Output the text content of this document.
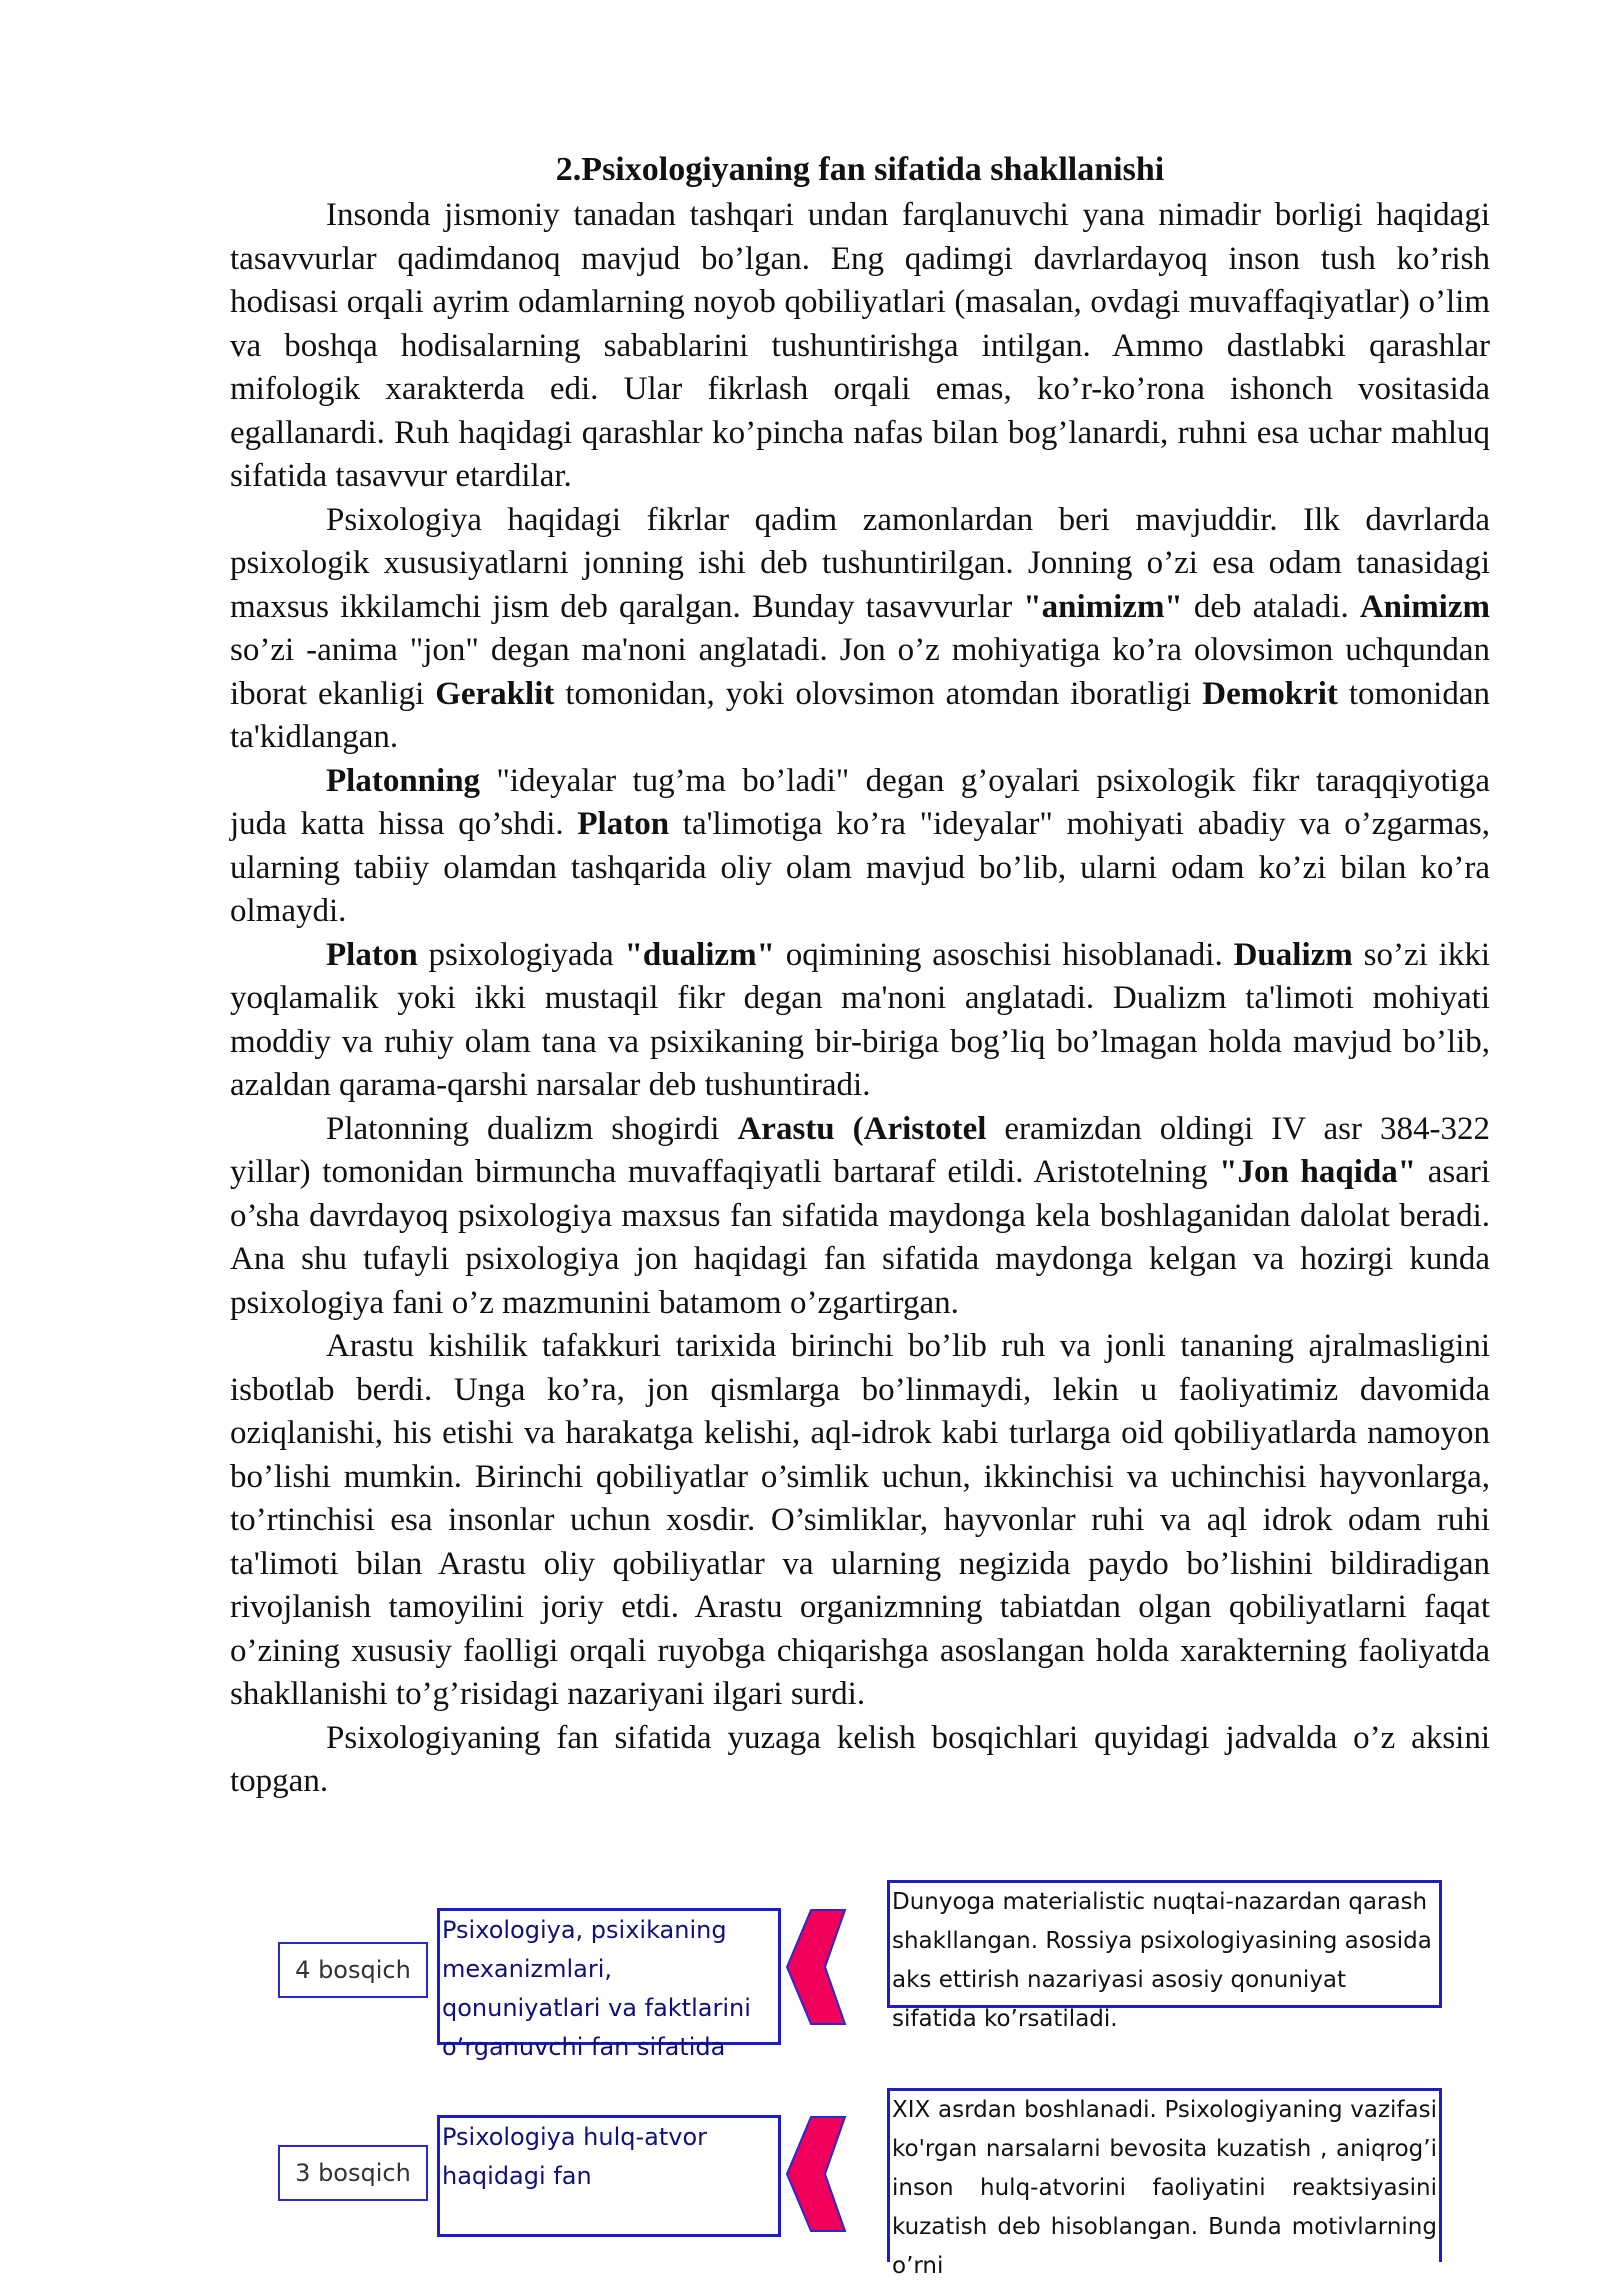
2.Psixologiyaning fan sifatida shakllanishi

Insonda jismoniy tanadan tashqari undan farqlanuvchi yana nimadir borligi haqidagi tasavvurlar qadimdanoq mavjud bo’lgan. Eng qadimgi davrlardayoq inson tush ko’rish hodisasi orqali ayrim odamlarning noyob qobiliyatlari (masalan, ovdagi muvaffaqiyatlar) o’lim va boshqa hodisalarning sabablarini tushuntirishga intilgan. Ammo dastlabki qarashlar mifologik xarakterda edi. Ular fikrlash orqali emas, ko’r-ko’rona ishonch vositasida egallanardi. Ruh haqidagi qarashlar ko’pincha nafas bilan bog’lanardi, ruhni esa uchar mahluq sifatida tasavvur etardilar.

Psixologiya haqidagi fikrlar qadim zamonlardan beri mavjuddir. Ilk davrlarda psixologik xususiyatlarni jonning ishi deb tushuntirilgan. Jonning o’zi esa odam tanasidagi maxsus ikkilamchi jism deb qaralgan. Bunday tasavvurlar "animizm" deb ataladi. Animizm so’zi -anima "jon" degan ma'noni anglatadi. Jon o’z mohiyatiga ko’ra olovsimon uchqundan iborat ekanligi Geraklit tomonidan, yoki olovsimon atomdan iboratligi Demokrit tomonidan ta'kidlangan.

Platonning "ideyalar tug’ma bo’ladi" degan g’oyalari psixologik fikr taraqqiyotiga juda katta hissa qo’shdi. Platon ta'limotiga ko’ra "ideyalar" mohiyati abadiy va o’zgarmas, ularning tabiiy olamdan tashqarida oliy olam mavjud bo’lib, ularni odam ko’zi bilan ko’ra olmaydi.

Platon psixologiyada "dualizm" oqimining asoschisi hisoblanadi. Dualizm so’zi ikki yoqlamalik yoki ikki mustaqil fikr degan ma'noni anglatadi. Dualizm ta'limoti mohiyati moddiy va ruhiy olam tana va psixikaning bir-biriga bog’liq bo’lmagan holda mavjud bo’lib, azaldan qarama-qarshi narsalar deb tushuntiradi.

Platonning dualizm shogirdi Arastu (Aristotel eramizdan oldingi IV asr 384-322 yillar) tomonidan birmuncha muvaffaqiyatli bartaraf etildi. Aristotelning "Jon haqida" asari o’sha davrdayoq psixologiya maxsus fan sifatida maydonga kela boshlaganidan dalolat beradi. Ana shu tufayli psixologiya jon haqidagi fan sifatida maydonga kelgan va hozirgi kunda psixologiya fani o’z mazmunini batamom o’zgartirgan.

Arastu kishilik tafakkuri tarixida birinchi bo’lib ruh va jonli tananing ajralmasligini isbotlab berdi. Unga ko’ra, jon qismlarga bo’linmaydi, lekin u faoliyatimiz davomida oziqlanishi, his etishi va harakatga kelishi, aql-idrok kabi turlarga oid qobiliyatlarda namoyon bo’lishi mumkin. Birinchi qobiliyatlar o’simlik uchun, ikkinchisi va uchinchisi hayvonlarga, to’rtinchisi esa insonlar uchun xosdir. O’simliklar, hayvonlar ruhi va aql idrok odam ruhi ta'limoti bilan Arastu oliy qobiliyatlar va ularning negizida paydo bo’lishini bildiradigan rivojlanish tamoyilini joriy etdi. Arastu organizmning tabiatdan olgan qobiliyatlarni faqat o’zining xususiy faolligi orqali ruyobga chiqarishga asoslangan holda xarakterning faoliyatda shakllanishi to’g’risidagi nazariyani ilgari surdi.

Psixologiyaning fan sifatida yuzaga kelish bosqichlari quyidagi jadvalda o’z aksini topgan.

4 bosqich
Psixologiya, psixikaning mexanizmlari, qonuniyatlari va faktlarini o’rganuvchi fan sifatida
Dunyoga materialistic nuqtai-nazardan qarash shakllangan. Rossiya psixologiyasining asosida aks ettirish nazariyasi asosiy qonuniyat sifatida ko’rsatiladi.
3 bosqich
Psixologiya hulq-atvor haqidagi fan
XIX asrdan boshlanadi. Psixologiyaning vazifasi ko'rgan narsalarni bevosita kuzatish , aniqrog’i inson hulq-atvorini faoliyatini reaktsiyasini kuzatish deb hisoblangan. Bunda motivlarning o’rni
